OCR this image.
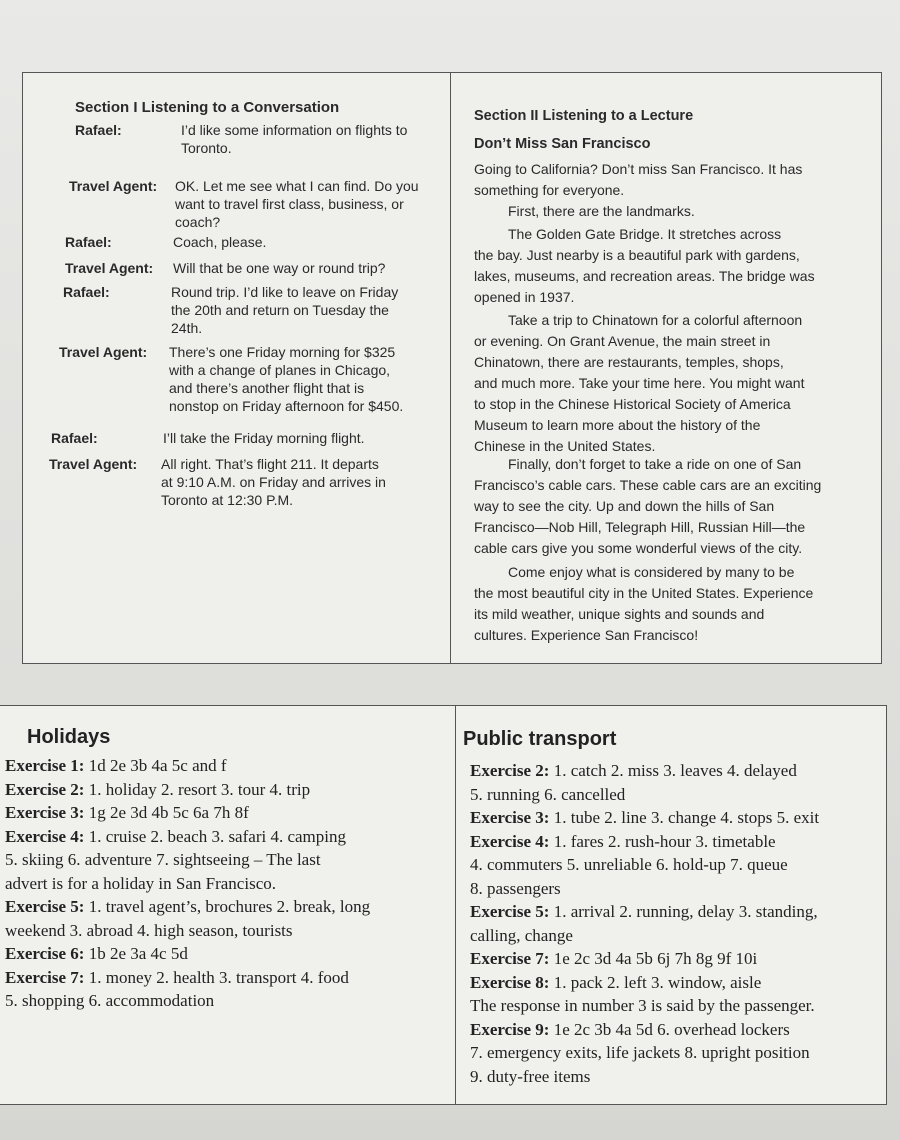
Section I Listening to a Conversation
Rafael:	I’d like some information on flights to
Toronto.
Travel Agent: OK. Let me see what I can find. Do you
want to travel first class, business, or
coach?
Rafael:	Coach, please.
Travel Agent: Will that be one way or round trip?
Rafael:	Round trip. I’d like to leave on Friday
the 20th and return on Tuesday the
24th.
Travel Agent: There’s one Friday morning for $325
with a change of planes in Chicago,
and there’s another flight that is
nonstop on Friday afternoon for $450.
Rafael:	I’ll take the Friday morning flight.
Travel Agent: All right. That’s flight 211. It departs
at 9:10 A.M. on Friday and arrives in
Toronto at 12:30 P.M.
Section II Listening to a Lecture
Don’t Miss San Francisco
Going to California? Don’t miss San Francisco. It has
something for everyone.
First, there are the landmarks.
The Golden Gate Bridge. It stretches across
the bay. Just nearby is a beautiful park with gardens,
lakes, museums, and recreation areas. The bridge was
opened in 1937.
Take a trip to Chinatown for a colorful afternoon
or evening. On Grant Avenue, the main street in
Chinatown, there are restaurants, temples, shops,
and much more. Take your time here. You might want
to stop in the Chinese Historical Society of America
Museum to learn more about the history of the
Chinese in the United States.
Finally, don’t forget to take a ride on one of San
Francisco’s cable cars. These cable cars are an exciting
way to see the city. Up and down the hills of San
Francisco—Nob Hill, Telegraph Hill, Russian Hill—the
cable cars give you some wonderful views of the city.
Come enjoy what is considered by many to be
the most beautiful city in the United States. Experience
its mild weather, unique sights and sounds and
cultures. Experience San Francisco!
Holidays
Exercise 1: 1d 2e 3b 4a 5c and f
Exercise 2: 1. holiday 2. resort 3. tour 4. trip
Exercise 3: 1g 2e 3d 4b 5c 6a 7h 8f
Exercise 4: 1. cruise 2. beach 3. safari 4. camping
5. skiing 6. adventure 7. sightseeing – The last
advert is for a holiday in San Francisco.
Exercise 5: 1. travel agent’s, brochures 2. break, long
weekend 3. abroad 4. high season, tourists
Exercise 6: 1b 2e 3a 4c 5d
Exercise 7: 1. money 2. health 3. transport 4. food
5. shopping 6. accommodation
Public transport
Exercise 2: 1. catch 2. miss 3. leaves 4. delayed
5. running 6. cancelled
Exercise 3: 1. tube 2. line 3. change 4. stops 5. exit
Exercise 4: 1. fares 2. rush-hour 3. timetable
4. commuters 5. unreliable 6. hold-up 7. queue
8. passengers
Exercise 5: 1. arrival 2. running, delay 3. standing,
calling, change
Exercise 7: 1e 2c 3d 4a 5b 6j 7h 8g 9f 10i
Exercise 8: 1. pack 2. left 3. window, aisle
The response in number 3 is said by the passenger.
Exercise 9: 1e 2c 3b 4a 5d 6. overhead lockers
7. emergency exits, life jackets 8. upright position
9. duty-free items
